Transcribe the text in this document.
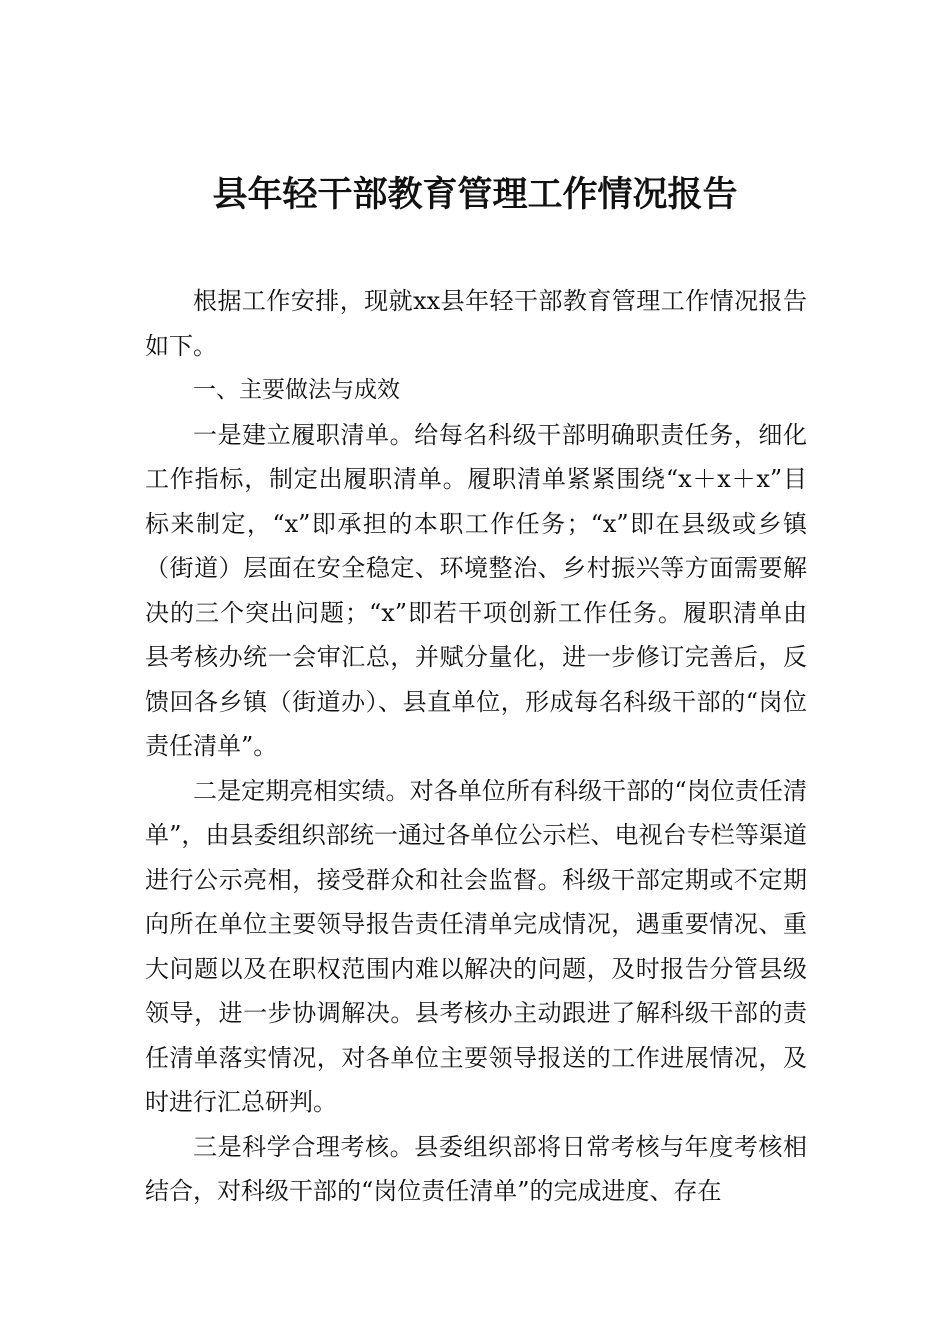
县年轻干部教育管理工作情况报告

根据工作安排，现就xx县年轻干部教育管理工作情况报告如下。

一、主要做法与成效

一是建立履职清单。给每名科级干部明确职责任务，细化工作指标，制定出履职清单。履职清单紧紧围绕“x＋x＋x”目标来制定，“x”即承担的本职工作任务；“x”即在县级或乡镇（街道）层面在安全稳定、环境整治、乡村振兴等方面需要解决的三个突出问题；“x”即若干项创新工作任务。履职清单由县考核办统一会审汇总，并赋分量化，进一步修订完善后，反馈回各乡镇（街道办）、县直单位，形成每名科级干部的“岗位责任清单”。

二是定期亮相实绩。对各单位所有科级干部的“岗位责任清单”，由县委组织部统一通过各单位公示栏、电视台专栏等渠道进行公示亮相，接受群众和社会监督。科级干部定期或不定期向所在单位主要领导报告责任清单完成情况，遇重要情况、重大问题以及在职权范围内难以解决的问题，及时报告分管县级领导，进一步协调解决。县考核办主动跟进了解科级干部的责任清单落实情况，对各单位主要领导报送的工作进展情况，及时进行汇总研判。

三是科学合理考核。县委组织部将日常考核与年度考核相结合，对科级干部的“岗位责任清单”的完成进度、存在
